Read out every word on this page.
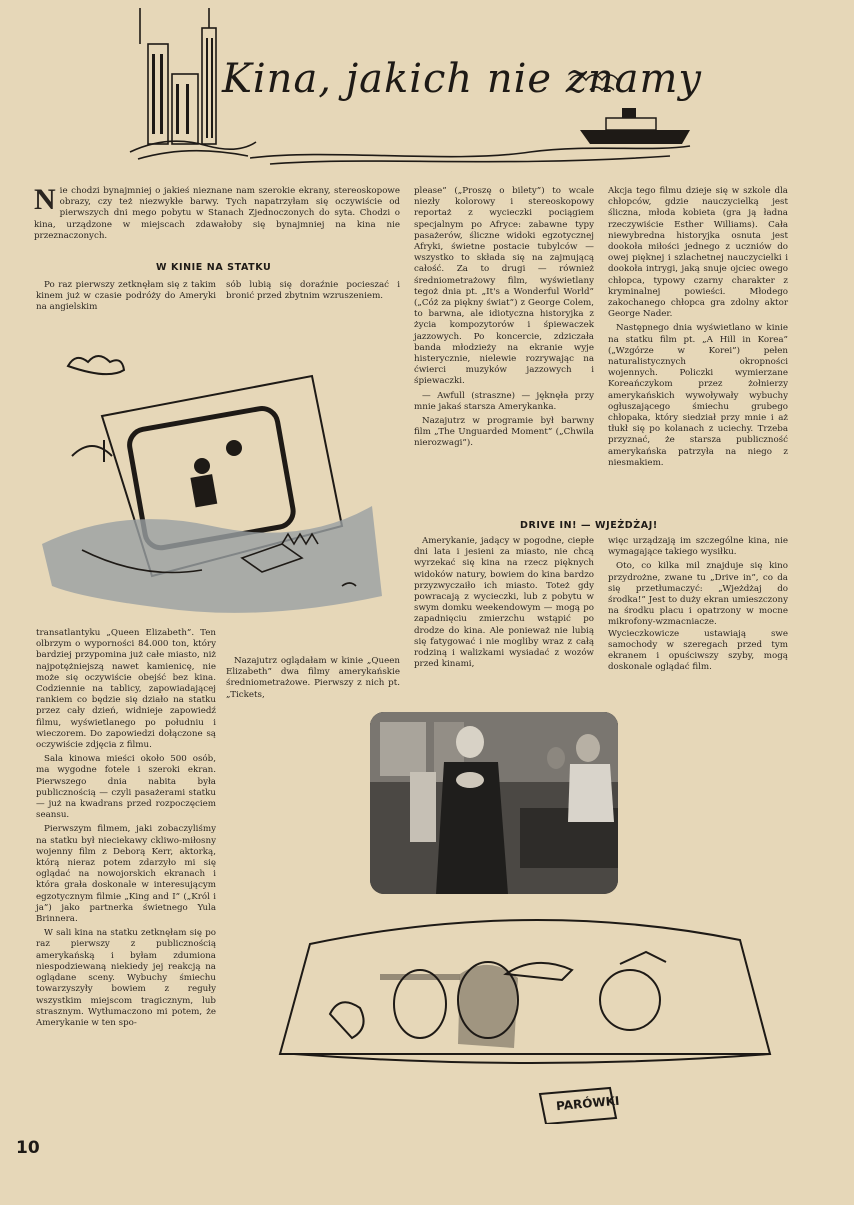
Kina, jakich nie znamy
N ie chodzi bynajmniej o jakieś nieznane nam szerokie ekrany, stereoskopowe obrazy, czy też niezwykłe barwy. Tych napatrzyłam się oczywiście od pierwszych dni mego pobytu w Stanach Zjednoczonych do syta. Chodzi o kina, urządzone w miejscach zdawałoby się bynajmniej na kina nie przeznaczonych.
W KINIE NA STATKU

Po raz pierwszy zetknęłam się z takim kinem już w czasie podróży do Ameryki na angielskim

sób lubią się doraźnie pocieszać i bronić przed zbytnim wzruszeniem.

transatlantyku „Queen Elizabeth”. Ten olbrzym o wyporności 84.000 ton, który bardziej przypomina już całe miasto, niż najpotężniejszą nawet kamienicę, nie może się oczywiście obejść bez kina. Codziennie na tablicy, zapowiadającej rankiem co będzie się działo na statku przez cały dzień, widnieje zapowiedź filmu, wyświetlanego po południu i wieczorem. Do zapowiedzi dołączone są oczywiście zdjęcia z filmu.

Sala kinowa mieści około 500 osób, ma wygodne fotele i szeroki ekran. Pierwszego dnia nabita była publicznością — czyli pasażerami statku — już na kwadrans przed rozpoczęciem seansu.

Pierwszym filmem, jaki zobaczyliśmy na statku był nieciekawy ckliwo-miłosny wojenny film z Deborą Kerr, aktorką, którą nieraz potem zdarzyło mi się oglądać na nowojorskich ekranach i która grała doskonale w interesującym egzotycznym filmie „King and I” („Król i ja”) jako partnerka świetnego Yula Brinnera.

W sali kina na statku zetknęłam się po raz pierwszy z publicznością amerykańską i byłam zdumiona niespodziewaną niekiedy jej reakcją na oglądane sceny. Wybuchy śmiechu towarzyszyły bowiem z reguły wszystkim miejscom tragicznym, lub strasznym. Wytłumaczono mi potem, że Amerykanie w ten spo-

Nazajutrz oglądałam w kinie „Queen Elizabeth” dwa filmy amerykańskie średniometrażowe. Pierwszy z nich pt. „Tickets,

please” („Proszę o bilety”) to wcale niezły kolorowy i stereoskopowy reportaż z wycieczki pociągiem specjalnym po Afryce: zabawne typy pasażerów, śliczne widoki egzotycznej Afryki, świetne postacie tubylców — wszystko to składa się na zajmującą całość. Za to drugi — również średniometrażowy film, wyświetlany tegoż dnia pt. „It's a Wonderful World” („Cóż za piękny świat”) z George Colem, to barwna, ale idiotyczna historyjka z życia kompozytorów i śpiewaczek jazzowych. Po koncercie, zdziczała banda młodzieży na ekranie wyje histerycznie, nielewie rozrywając na ćwierci muzyków jazzowych i śpiewaczki.

— Awfull (straszne) — jęknęła przy mnie jakaś starsza Amerykanka.

Nazajutrz w programie był barwny film „The Unguarded Moment” („Chwila nierozwagi”).

Akcja tego filmu dzieje się w szkole dla chłopców, gdzie nauczycielką jest śliczna, młoda kobieta (gra ją ładna rzeczywiście Esther Williams). Cała niewybredna historyjka osnuta jest dookoła miłości jednego z uczniów do owej pięknej i szlachetnej nauczycielki i dookoła intrygi, jaką snuje ojciec owego chłopca, typowy czarny charakter z kryminalnej powieści. Młodego zakochanego chłopca gra zdolny aktor George Nader.

Następnego dnia wyświetlano w kinie na statku film pt. „A Hill in Korea” („Wzgórze w Korei”) pełen naturalistycznych okropności wojennych. Policzki wymierzane Koreańczykom przez żołnierzy amerykańskich wywoływały wybuchy ogłuszającego śmiechu grubego chłopaka, który siedział przy mnie i aż tłukł się po kolanach z uciechy. Trzeba przyznać, że starsza publiczność amerykańska patrzyła na niego z niesmakiem.

DRIVE IN! — WJEŻDŻAJ!

Amerykanie, jadący w pogodne, ciepłe dni lata i jesieni za miasto, nie chcą wyrzekać się kina na rzecz pięknych widoków natury, bowiem do kina bardzo przyzwyczaiło ich miasto. Toteż gdy powracają z wycieczki, lub z pobytu w swym domku weekendowym — mogą po zapadnięciu zmierzchu wstąpić po drodze do kina. Ale ponieważ nie lubią się fatygować i nie mogliby wraz z całą rodziną i walizkami wysiadać z wozów przed kinami,

więc urządzają im szczególne kina, nie wymagające takiego wysiłku.

Oto, co kilka mil znajduje się kino przydrożne, zwane tu „Drive in”, co da się przetłumaczyć: „Wjeżdżaj do środka!” Jest to duży ekran umieszczony na środku placu i opatrzony w mocne mikrofony-wzmacniacze. Wycieczkowicze ustawiają swe samochody w szeregach przed tym ekranem i opuściwszy szyby, mogą doskonale oglądać film.

PARÓWKI
10
